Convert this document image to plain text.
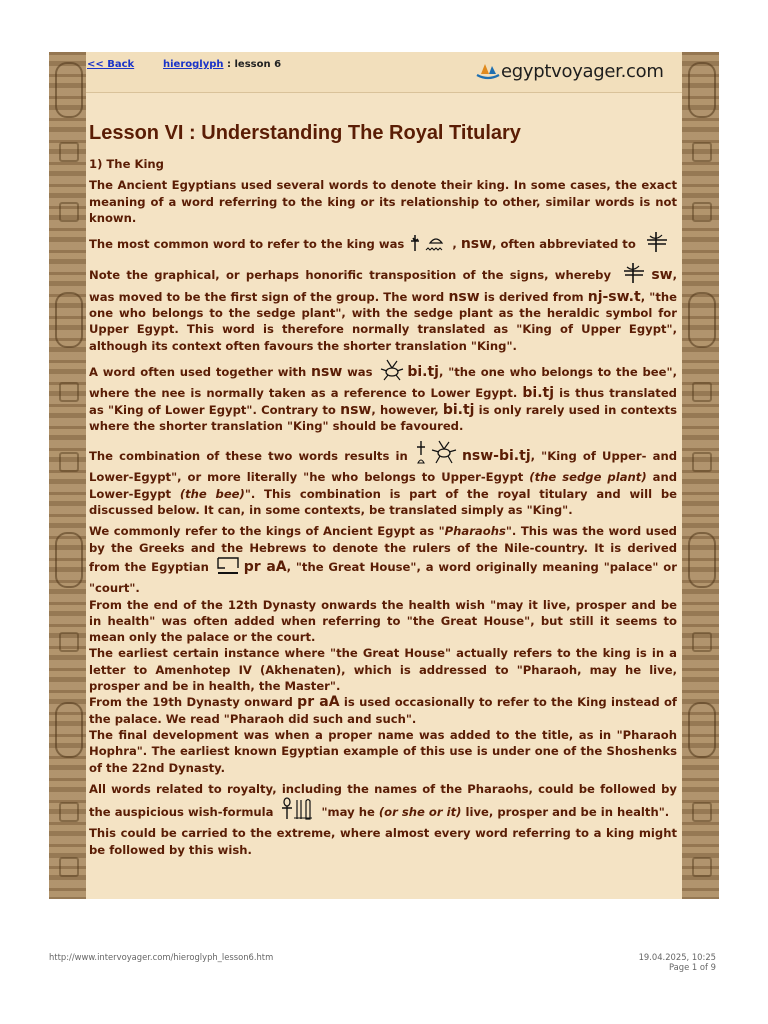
<< Back	hieroglyph : lesson 6	egyptvoyager.com
Lesson VI : Understanding The Royal Titulary

1) The King

The Ancient Egyptians used several words to denote their king. In some cases, the exact meaning of a word referring to the king or its relationship to other, similar words is not known.

The most common word to refer to the king was	, nsw, often abbreviated to

Note the graphical, or perhaps honorific transposition of the signs, whereby	sw, was moved to be the first sign of the group. The word nsw is derived from nj-sw.t, "the one who belongs to the sedge plant", with the sedge plant as the heraldic symbol for Upper Egypt. This word is therefore normally translated as "King of Upper Egypt", although its context often favours the shorter translation "King".

A word often used together with nsw was bi.tj, "the one who belongs to the bee", where the nee is normally taken as a reference to Lower Egypt. bi.tj is thus translated as "King of Lower Egypt". Contrary to nsw, however, bi.tj is only rarely used in contexts where the shorter translation "King" should be favoured.

The combination of these two words results in	nsw-bi.tj, "King of Upper- and Lower-Egypt", or more literally "he who belongs to Upper-Egypt (the sedge plant) and Lower-Egypt (the bee)". This combination is part of the royal titulary and will be discussed below. It can, in some contexts, be translated simply as "King".

We commonly refer to the kings of Ancient Egypt as "Pharaohs". This was the word used by the Greeks and the Hebrews to denote the rulers of the Nile-country. It is derived from the Egyptian pr aA, "the Great House", a word originally meaning "palace" or "court".

From the end of the 12th Dynasty onwards the health wish "may it live, prosper and be in health" was often added when referring to "the Great House", but still it seems to mean only the palace or the court.

The earliest certain instance where "the Great House" actually refers to the king is in a letter to Amenhotep IV (Akhenaten), which is addressed to "Pharaoh, may he live, prosper and be in health, the Master".

From the 19th Dynasty onward pr aA is used occasionally to refer to the King instead of the palace. We read "Pharaoh did such and such".

The final development was when a proper name was added to the title, as in "Pharaoh Hophra". The earliest known Egyptian example of this use is under one of the Shoshenks of the 22nd Dynasty.

All words related to royalty, including the names of the Pharaohs, could be followed by the auspicious wish-formula	"may he (or she or it) live, prosper and be in health".

This could be carried to the extreme, where almost every word referring to a king might be followed by this wish.

http://www.intervoyager.com/hieroglyph_lesson6.htm	19.04.2025, 10:25
Page 1 of 9
